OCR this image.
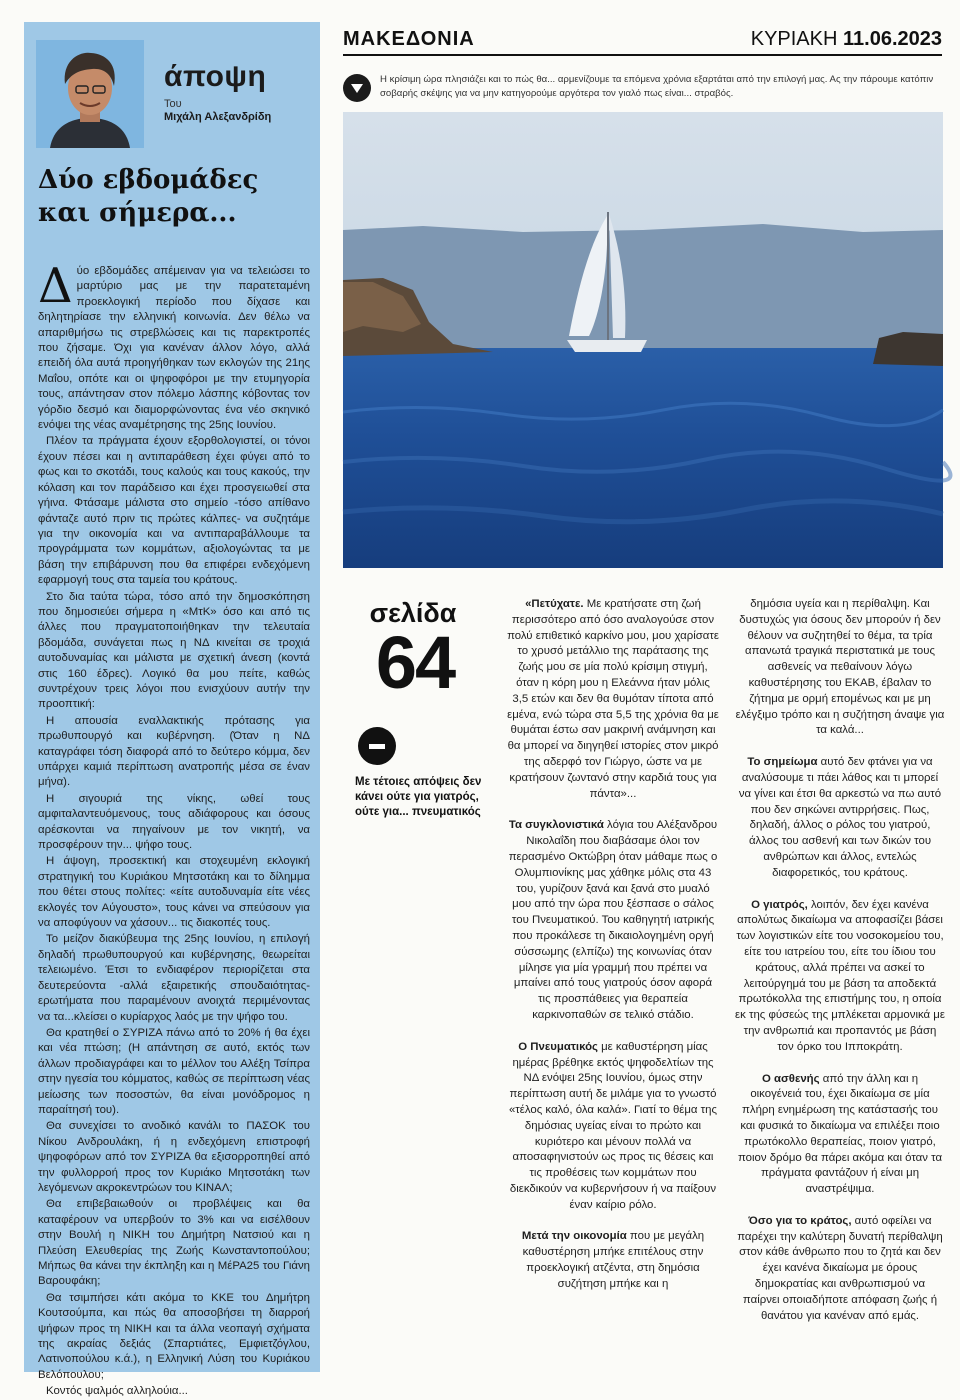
άποψη
Του
Μιχάλη Αλεξανδρίδη
Δύο εβδομάδες
και σήμερα...

Δύο εβδομάδες απέμειναν για να τελειώσει το μαρτύριο μας με την παρατεταμένη προεκλογική περίοδο που δίχασε και δηλητηρίασε την ελληνική κοινωνία. Δεν θέλω να απαριθμήσω τις στρεβλώσεις και τις παρεκτροπές που ζήσαμε. Όχι για κανέναν άλλον λόγο, αλλά επειδή όλα αυτά προηγήθηκαν των εκλογών της 21ης Μαΐου, οπότε και οι ψηφοφόροι με την ετυμηγορία τους, απάντησαν στον πόλεμο λάσπης κόβοντας τον γόρδιο δεσμό και διαμορφώνοντας ένα νέο σκηνικό ενόψει της νέας αναμέτρησης της 25ης Ιουνίου.

Πλέον τα πράγματα έχουν εξορθολογιστεί, οι τόνοι έχουν πέσει και η αντιπαράθεση έχει φύγει από το φως και το σκοτάδι, τους καλούς και τους κακούς, την κόλαση και τον παράδεισο και έχει προσγειωθεί στα γήινα. Φτάσαμε μάλιστα στο σημείο -τόσο απίθανο φάνταζε αυτό πριν τις πρώτες κάλπες- να συζητάμε για την οικονομία και να αντιπαραβάλλουμε τα προγράμματα των κομμάτων, αξιολογώντας τα με βάση την επιβάρυνση που θα επιφέρει ενδεχόμενη εφαρμογή τους στα ταμεία του κράτους.

Στο δια ταύτα τώρα, τόσο από την δημοσκόπηση που δημοσιεύει σήμερα η «ΜτΚ» όσο και από τις άλλες που πραγματοποιήθηκαν την τελευταία βδομάδα, συνάγεται πως η ΝΔ κινείται σε τροχιά αυτοδυναμίας και μάλιστα με σχετική άνεση (κοντά στις 160 έδρες). Λογικό θα μου πείτε, καθώς συντρέχουν τρεις λόγοι που ενισχύουν αυτήν την προοπτική:

Η απουσία εναλλακτικής πρότασης για πρωθυπουργό και κυβέρνηση. (Όταν η ΝΔ καταγράφει τόση διαφορά από το δεύτερο κόμμα, δεν υπάρχει καμιά περίπτωση ανατροπής μέσα σε έναν μήνα).

Η σιγουριά της νίκης, ωθεί τους αμφιταλαντευόμενους, τους αδιάφορους και όσους αρέσκονται να πηγαίνουν με τον νικητή, να προσφέρουν την... ψήφο τους.

Η άψογη, προσεκτική και στοχευμένη εκλογική στρατηγική του Κυριάκου Μητσοτάκη και το δίλημμα που θέτει στους πολίτες: «είτε αυτοδυναμία είτε νέες εκλογές τον Αύγουστο», τους κάνει να σπεύσουν για να αποφύγουν να χάσουν... τις διακοπές τους.

Το μείζον διακύβευμα της 25ης Ιουνίου, η επιλογή δηλαδή πρωθυπουργού και κυβέρνησης, θεωρείται τελειωμένο. Έτσι το ενδιαφέρον περιορίζεται στα δευτερεύοντα -αλλά εξαιρετικής σπουδαιότητας- ερωτήματα που παραμένουν ανοιχτά περιμένοντας να τα...κλείσει ο κυρίαρχος λαός με την ψήφο του.

Θα κρατηθεί ο ΣΥΡΙΖΑ πάνω από το 20% ή θα έχει και νέα πτώση; (Η απάντηση σε αυτό, εκτός των άλλων προδιαγράφει και το μέλλον του Αλέξη Τσίπρα στην ηγεσία του κόμματος, καθώς σε περίπτωση νέας μείωσης των ποσοστών, θα είναι μονόδρομος η παραίτησή του).

Θα συνεχίσει το ανοδικό κανάλι το ΠΑΣΟΚ του Νίκου Ανδρουλάκη, ή η ενδεχόμενη επιστροφή ψηφοφόρων από τον ΣΥΡΙΖΑ θα εξισορροπηθεί από την φυλλορροή προς τον Κυριάκο Μητσοτάκη των λεγόμενων ακροκεντρώων του ΚΙΝΑΛ;

Θα επιβεβαιωθούν οι προβλέψεις και θα καταφέρουν να υπερβούν το 3% και να εισέλθουν στην Βουλή η ΝΙΚΗ του Δημήτρη Νατσιού και η Πλεύση Ελευθερίας της Ζωής Κωνσταντοπούλου; Μήπως θα κάνει την έκπληξη και η ΜέΡΑ25 του Γιάνη Βαρουφάκη;

Θα τσιμπήσει κάτι ακόμα το ΚΚΕ του Δημήτρη Κουτσούμπα, και πώς θα αποσοβήσει τη διαρροή ψήφων προς τη ΝΙΚΗ και τα άλλα νεοπαγή σχήματα της ακραίας δεξιάς (Σπαρτιάτες, Εμφιετζόγλου, Λατινοπούλου κ.ά.), η Ελληνική Λύση του Κυριάκου Βελόπουλου;

Κοντός ψαλμός αλληλούια...

ΜΑΚΕΔΟΝΙΑ	ΚΥΡΙΑΚΗ 11.06.2023
Η κρίσιμη ώρα πλησιάζει και το πώς θα... αρμενίζουμε τα επόμενα χρόνια εξαρτάται από την επιλογή μας. Ας την πάρουμε κατόπιν σοβαρής σκέψης για να μην κατηγορούμε αργότερα τον γιαλό πως είναι... στραβός.
σελίδα
64
Με τέτοιες απόψεις δεν κάνει ούτε για γιατρός, ούτε για... πνευματικός

«Πετύχατε. Με κρατήσατε στη ζωή περισσότερο από όσο αναλογούσε στον πολύ επιθετικό καρκίνο μου, μου χαρίσατε το χρυσό μετάλλιο της παράτασης της ζωής μου σε μία πολύ κρίσιμη στιγμή, όταν η κόρη μου η Ελεάννα ήταν μόλις 3,5 ετών και δεν θα θυμόταν τίποτα από εμένα, ενώ τώρα στα 5,5 της χρόνια θα με θυμάται έστω σαν μακρινή ανάμνηση και θα μπορεί να διηγηθεί ιστορίες στον μικρό της αδερφό τον Γιώργο, ώστε να με κρατήσουν ζωντανό στην καρδιά τους για πάντα»...

Τα συγκλονιστικά λόγια του Αλέξανδρου Νικολαΐδη που διαβάσαμε όλοι τον περασμένο Οκτώβρη όταν μάθαμε πως ο Ολυμπιονίκης μας χάθηκε μόλις στα 43 του, γυρίζουν ξανά και ξανά στο μυαλό μου από την ώρα που ξέσπασε ο σάλος του Πνευματικού. Του καθηγητή ιατρικής που προκάλεσε τη δικαιολογημένη οργή σύσσωμης (ελπίζω) της κοινωνίας όταν μίλησε για μία γραμμή που πρέπει να μπαίνει από τους γιατρούς όσον αφορά τις προσπάθειες για θεραπεία καρκινοπαθών σε τελικό στάδιο.

Ο Πνευματικός με καθυστέρηση μίας ημέρας βρέθηκε εκτός ψηφοδελτίων της ΝΔ ενόψει 25ης Ιουνίου, όμως στην περίπτωση αυτή δε μιλάμε για το γνωστό «τέλος καλό, όλα καλά». Γιατί το θέμα της δημόσιας υγείας είναι το πρώτο και κυριότερο και μένουν πολλά να αποσαφηνιστούν ως προς τις θέσεις και τις προθέσεις των κομμάτων που διεκδικούν να κυβερνήσουν ή να παίξουν έναν καίριο ρόλο.

Μετά την οικονομία που με μεγάλη καθυστέρηση μπήκε επιτέλους στην προεκλογική ατζέντα, στη δημόσια συζήτηση μπήκε και η

δημόσια υγεία και η περίθαλψη. Και δυστυχώς για όσους δεν μπορούν ή δεν θέλουν να συζητηθεί το θέμα, τα τρία απανωτά τραγικά περιστατικά με τους ασθενείς να πεθαίνουν λόγω καθυστέρησης του ΕΚΑΒ, έβαλαν το ζήτημα με ορμή επομένως και με μη ελέγξιμο τρόπο και η συζήτηση άναψε για τα καλά...

Το σημείωμα αυτό δεν φτάνει για να αναλύσουμε τι πάει λάθος και τι μπορεί να γίνει και έτσι θα αρκεστώ να πω αυτό που δεν σηκώνει αντιρρήσεις. Πως, δηλαδή, άλλος ο ρόλος του γιατρού, άλλος του ασθενή και των δικών του ανθρώπων και άλλος, εντελώς διαφορετικός, του κράτους.

Ο γιατρός, λοιπόν, δεν έχει κανένα απολύτως δικαίωμα να αποφασίζει βάσει των λογιστικών είτε του νοσοκομείου του, είτε του ιατρείου του, είτε του ίδιου του κράτους, αλλά πρέπει να ασκεί το λειτούργημά του με βάση τα αποδεκτά πρωτόκολλα της επιστήμης του, η οποία εκ της φύσεώς της μπλέκεται αρμονικά με την ανθρωπιά και προπαντός με βάση τον όρκο του Ιπποκράτη.

Ο ασθενής από την άλλη και η οικογένειά του, έχει δικαίωμα σε μία πλήρη ενημέρωση της κατάστασής του και φυσικά το δικαίωμα να επιλέξει ποιο πρωτόκολλο θεραπείας, ποιον γιατρό, ποιον δρόμο θα πάρει ακόμα και όταν τα πράγματα φαντάζουν ή είναι μη αναστρέψιμα.

Όσο για το κράτος, αυτό οφείλει να παρέχει την καλύτερη δυνατή περίθαλψη στον κάθε άνθρωπο που το ζητά και δεν έχει κανένα δικαίωμα με όρους δημοκρατίας και ανθρωπισμού να παίρνει οποιαδήποτε απόφαση ζωής ή θανάτου για κανέναν από εμάς.
